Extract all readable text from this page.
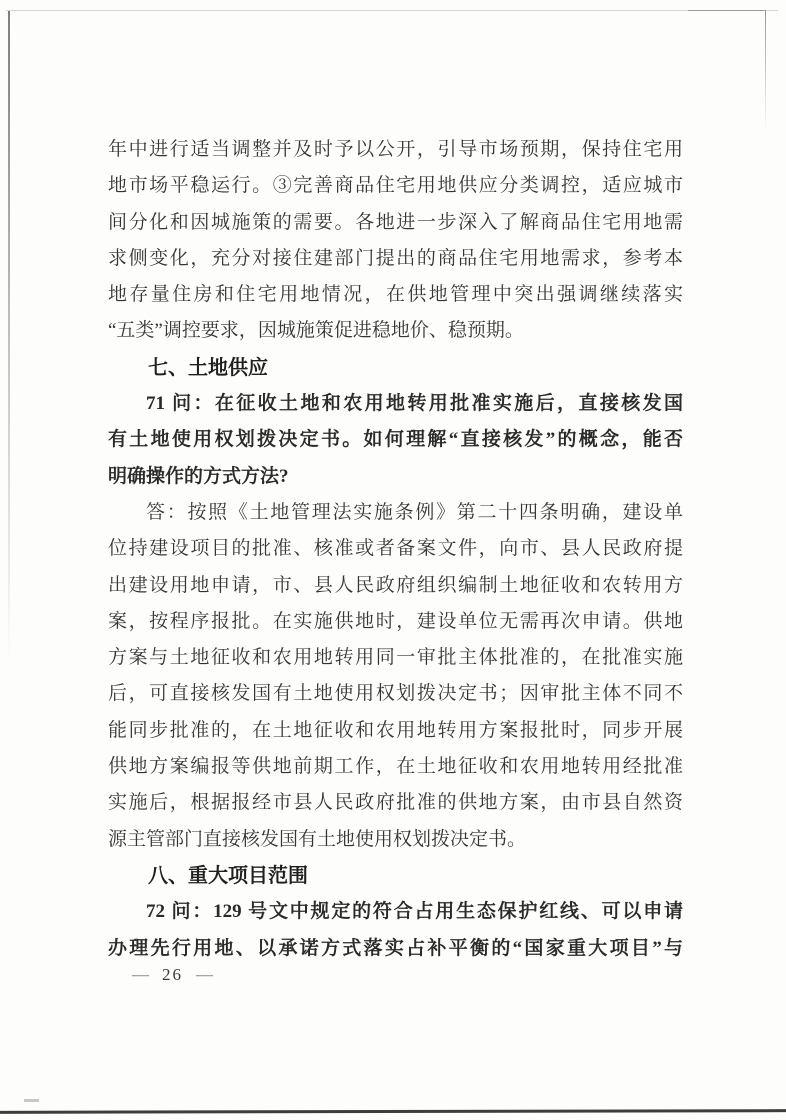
年中进行适当调整并及时予以公开，引导市场预期，保持住宅用
地市场平稳运行。③完善商品住宅用地供应分类调控，适应城市
间分化和因城施策的需要。各地进一步深入了解商品住宅用地需
求侧变化，充分对接住建部门提出的商品住宅用地需求，参考本
地存量住房和住宅用地情况，在供地管理中突出强调继续落实
“五类”调控要求，因城施策促进稳地价、稳预期。
七、土地供应
71 问：在征收土地和农用地转用批准实施后，直接核发国
有土地使用权划拨决定书。如何理解“直接核发”的概念，能否
明确操作的方式方法?
答：按照《土地管理法实施条例》第二十四条明确，建设单
位持建设项目的批准、核准或者备案文件，向市、县人民政府提
出建设用地申请，市、县人民政府组织编制土地征收和农转用方
案，按程序报批。在实施供地时，建设单位无需再次申请。供地
方案与土地征收和农用地转用同一审批主体批准的，在批准实施
后，可直接核发国有土地使用权划拨决定书；因审批主体不同不
能同步批准的，在土地征收和农用地转用方案报批时，同步开展
供地方案编报等供地前期工作，在土地征收和农用地转用经批准
实施后，根据报经市县人民政府批准的供地方案，由市县自然资
源主管部门直接核发国有土地使用权划拨决定书。
八、重大项目范围
72 问：129 号文中规定的符合占用生态保护红线、可以申请
办理先行用地、以承诺方式落实占补平衡的“国家重大项目”与
— 26 —
